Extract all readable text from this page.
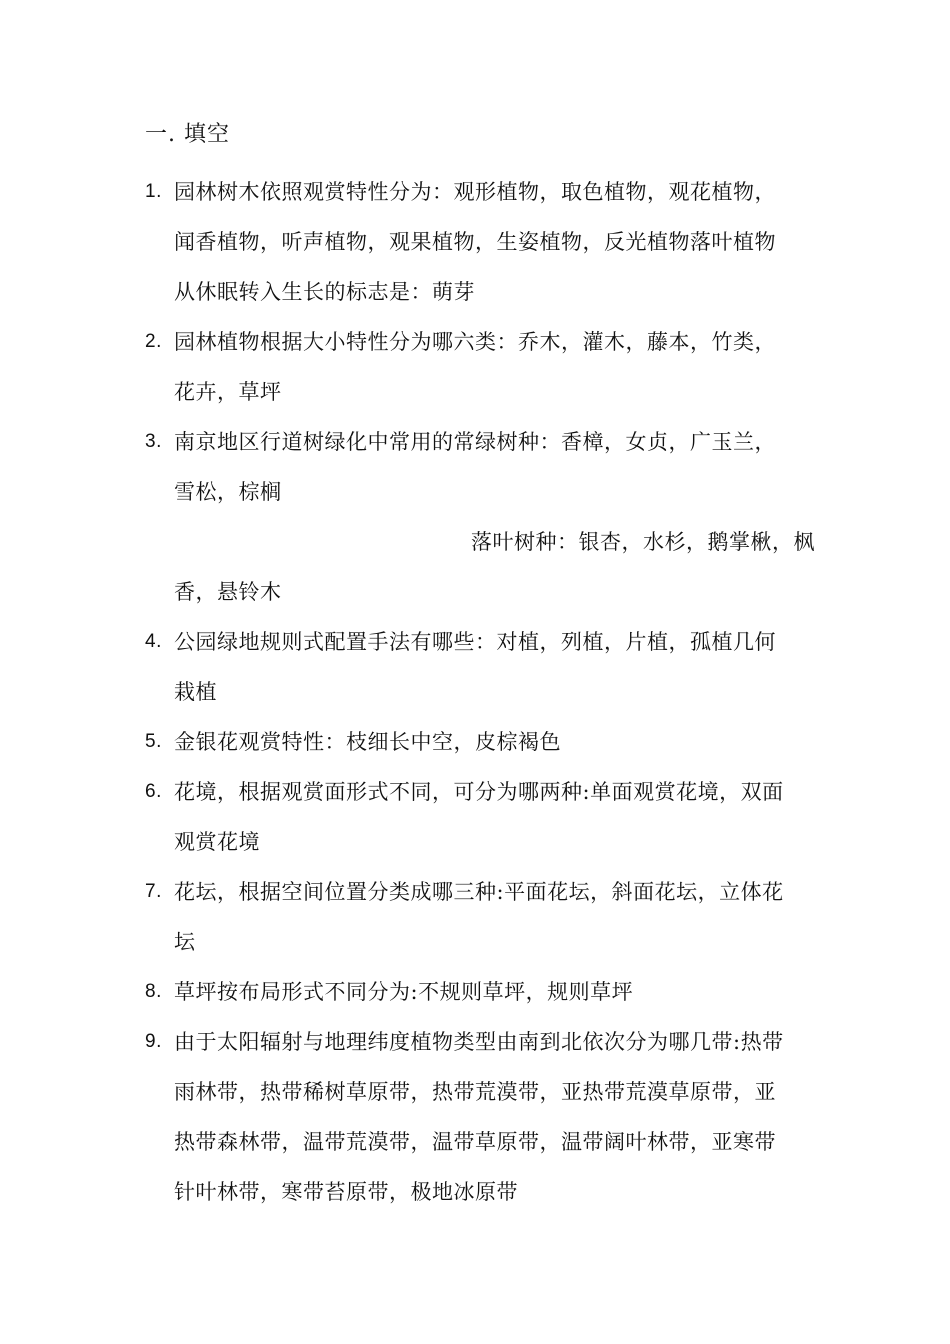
一. 填空
1. 园林树木依照观赏特性分为：观形植物，取色植物，观花植物，
闻香植物，听声植物，观果植物，生姿植物，反光植物落叶植物
从休眠转入生长的标志是：萌芽
2. 园林植物根据大小特性分为哪六类：乔木，灌木，藤本，竹类，
花卉，草坪
3. 南京地区行道树绿化中常用的常绿树种：香樟，女贞，广玉兰，
雪松，棕榈
落叶树种：银杏，水杉，鹅掌楸，枫
香，悬铃木
4. 公园绿地规则式配置手法有哪些：对植，列植，片植，孤植几何
栽植
5. 金银花观赏特性：枝细长中空，皮棕褐色
6. 花境，根据观赏面形式不同，可分为哪两种:单面观赏花境，双面
观赏花境
7. 花坛，根据空间位置分类成哪三种:平面花坛，斜面花坛，立体花
坛
8. 草坪按布局形式不同分为:不规则草坪，规则草坪
9. 由于太阳辐射与地理纬度植物类型由南到北依次分为哪几带:热带
雨林带，热带稀树草原带，热带荒漠带，亚热带荒漠草原带，亚
热带森林带，温带荒漠带，温带草原带，温带阔叶林带，亚寒带
针叶林带，寒带苔原带，极地冰原带
